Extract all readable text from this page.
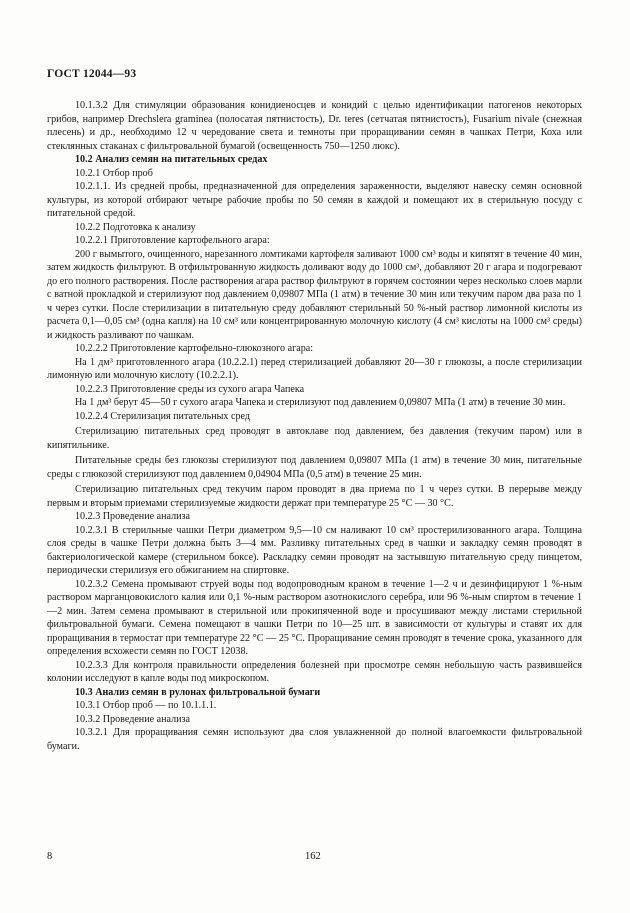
ГОСТ 12044—93

10.1.3.2 Для стимуляции образования конидиеносцев и конидий с целью идентификации патогенов некоторых грибов, например Drechslera graminea (полосатая пятнистость), Dr. teres (сетчатая пятнистость), Fusarium nivale (снежная плесень) и др., необходимо 12 ч чередование света и темноты при проращивании семян в чашках Петри, Коха или стеклянных стаканах с фильтровальной бумагой (освещенность 750—1250 люкс).

10.2 Анализ семян на питательных средах

10.2.1 Отбор проб

10.2.1.1. Из средней пробы, предназначенной для определения зараженности, выделяют навеску семян основной культуры, из которой отбирают четыре рабочие пробы по 50 семян в каждой и помещают их в стерильную посуду с питательной средой.

10.2.2 Подготовка к анализу

10.2.2.1 Приготовление картофельного агара:

200 г вымытого, очищенного, нарезанного ломтиками картофеля заливают 1000 см³ воды и кипятят в течение 40 мин, затем жидкость фильтруют. В отфильтрованную жидкость доливают воду до 1000 см³, добавляют 20 г агара и подогревают до его полного растворения. После растворения агара раствор фильтруют в горячем состоянии через несколько слоев марли с ватной прокладкой и стерилизуют под давлением 0,09807 МПа (1 атм) в течение 30 мин или текучим паром два раза по 1 ч через сутки. После стерилизации в питательную среду добавляют стерильный 50 %-ный раствор лимонной кислоты из расчета 0,1—0,05 см³ (одна капля) на 10 см³ или концентрированную молочную кислоту (4 см³ кислоты на 1000 см³ среды) и жидкость разливают по чашкам.

10.2.2.2 Приготовление картофельно-глюкозного агара:

На 1 дм³ приготовленного агара (10.2.2.1) перед стерилизацией добавляют 20—30 г глюкозы, а после стерилизации лимонную или молочную кислоту (10.2.2.1).

10.2.2.3 Приготовление среды из сухого агара Чапека

На 1 дм³ берут 45—50 г сухого агара Чапека и стерилизуют под давлением 0,09807 МПа (1 атм) в течение 30 мин.

10.2.2.4 Стерилизация питательных сред

Стерилизацию питательных сред проводят в автоклаве под давлением, без давления (текучим паром) или в кипятильнике.

Питательные среды без глюкозы стерилизуют под давлением 0,09807 МПа (1 атм) в течение 30 мин, питательные среды с глюкозой стерилизуют под давлением 0,04904 МПа (0,5 атм) в течение 25 мин.

Стерилизацию питательных сред текучим паром проводят в два приема по 1 ч через сутки. В перерыве между первым и вторым приемами стерилизуемые жидкости держат при температуре 25 °С — 30 °С.

10.2.3 Проведение анализа

10.2.3.1 В стерильные чашки Петри диаметром 9,5—10 см наливают 10 см³ простерилизованного агара. Толщина слоя среды в чашке Петри должна быть 3—4 мм. Разливку питательных сред в чашки и закладку семян проводят в бактериологической камере (стерильном боксе). Раскладку семян проводят на застывшую питательную среду пинцетом, периодически стерилизуя его обжиганием на спиртовке.

10.2.3.2 Семена промывают струей воды под водопроводным краном в течение 1—2 ч и дезинфицируют 1 %-ным раствором марганцовокислого калия или 0,1 %-ным раствором азотнокислого серебра, или 96 %-ным спиртом в течение 1—2 мин. Затем семена промывают в стерильной или прокипяченной воде и просушивают между листами стерильной фильтровальной бумаги. Семена помещают в чашки Петри по 10—25 шт. в зависимости от культуры и ставят их для проращивания в термостат при температуре 22 °С — 25 °С. Проращивание семян проводят в течение срока, указанного для определения всхожести семян по ГОСТ 12038.

10.2.3.3 Для контроля правильности определения болезней при просмотре семян небольшую часть развившейся колонии исследуют в капле воды под микроскопом.

10.3 Анализ семян в рулонах фильтровальной бумаги

10.3.1 Отбор проб — по 10.1.1.1.

10.3.2 Проведение анализа

10.3.2.1 Для проращивания семян используют два слоя увлажненной до полной влагоемкости фильтровальной бумаги.

8	162
